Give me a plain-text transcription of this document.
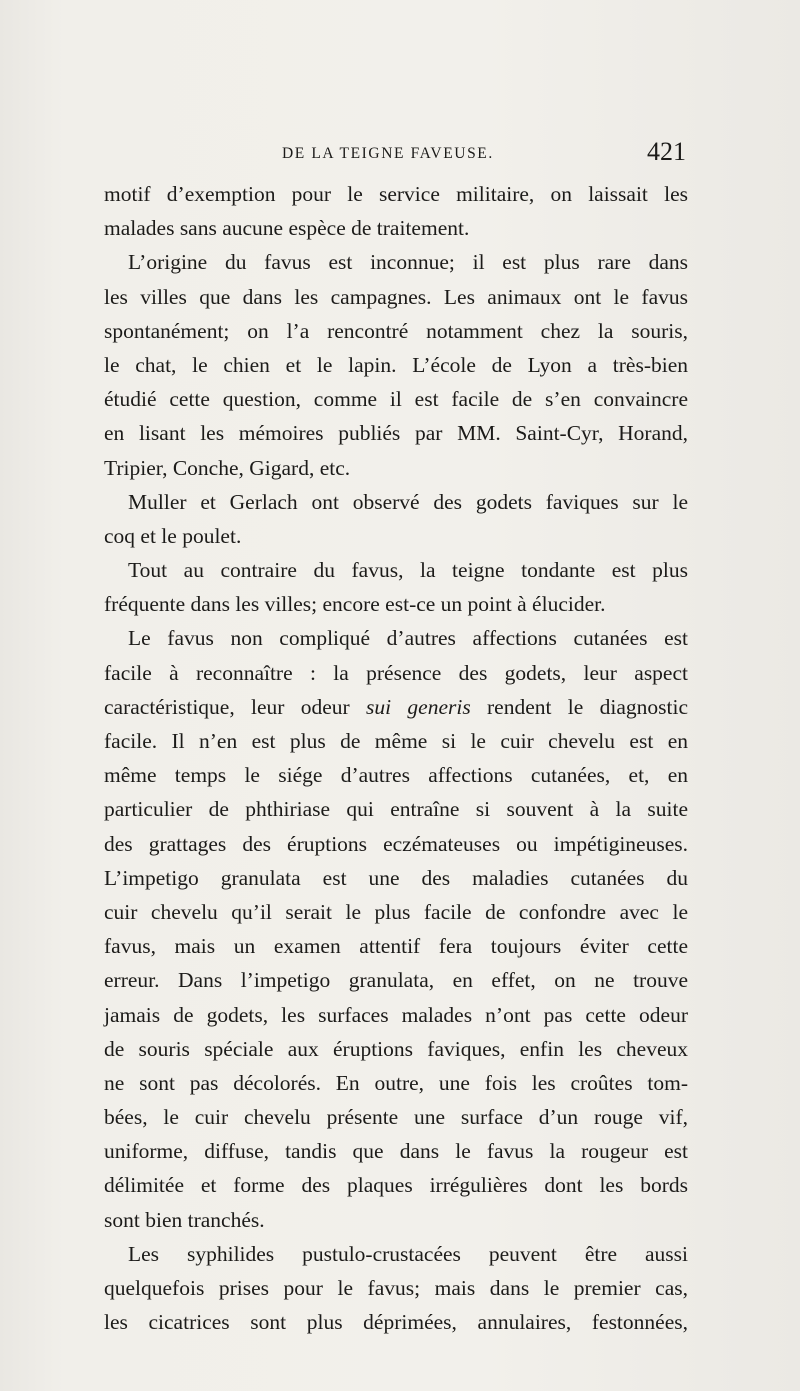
DE LA TEIGNE FAVEUSE.	421
motif d’exemption pour le service militaire, on laissait les
malades sans aucune espèce de traitement.
L’origine du favus est inconnue; il est plus rare dans
les villes que dans les campagnes. Les animaux ont le favus
spontanément; on l’a rencontré notamment chez la souris,
le chat, le chien et le lapin. L’école de Lyon a très-bien
étudié cette question, comme il est facile de s’en convaincre
en lisant les mémoires publiés par MM. Saint-Cyr, Horand,
Tripier, Conche, Gigard, etc.
Muller et Gerlach ont observé des godets faviques sur le
coq et le poulet.
Tout au contraire du favus, la teigne tondante est plus
fréquente dans les villes; encore est-ce un point à élucider.
Le favus non compliqué d’autres affections cutanées est
facile à reconnaître : la présence des godets, leur aspect
caractéristique, leur odeur sui generis rendent le diagnostic
facile. Il n’en est plus de même si le cuir chevelu est en
même temps le siége d’autres affections cutanées, et, en
particulier de phthiriase qui entraîne si souvent à la suite
des grattages des éruptions eczémateuses ou impétigineuses.
L’impetigo granulata est une des maladies cutanées du
cuir chevelu qu’il serait le plus facile de confondre avec le
favus, mais un examen attentif fera toujours éviter cette
erreur. Dans l’impetigo granulata, en effet, on ne trouve
jamais de godets, les surfaces malades n’ont pas cette odeur
de souris spéciale aux éruptions faviques, enfin les cheveux
ne sont pas décolorés. En outre, une fois les croûtes tom-
bées, le cuir chevelu présente une surface d’un rouge vif,
uniforme, diffuse, tandis que dans le favus la rougeur est
délimitée et forme des plaques irrégulières dont les bords
sont bien tranchés.
Les syphilides pustulo-crustacées peuvent être aussi
quelquefois prises pour le favus; mais dans le premier cas,
les cicatrices sont plus déprimées, annulaires, festonnées,
